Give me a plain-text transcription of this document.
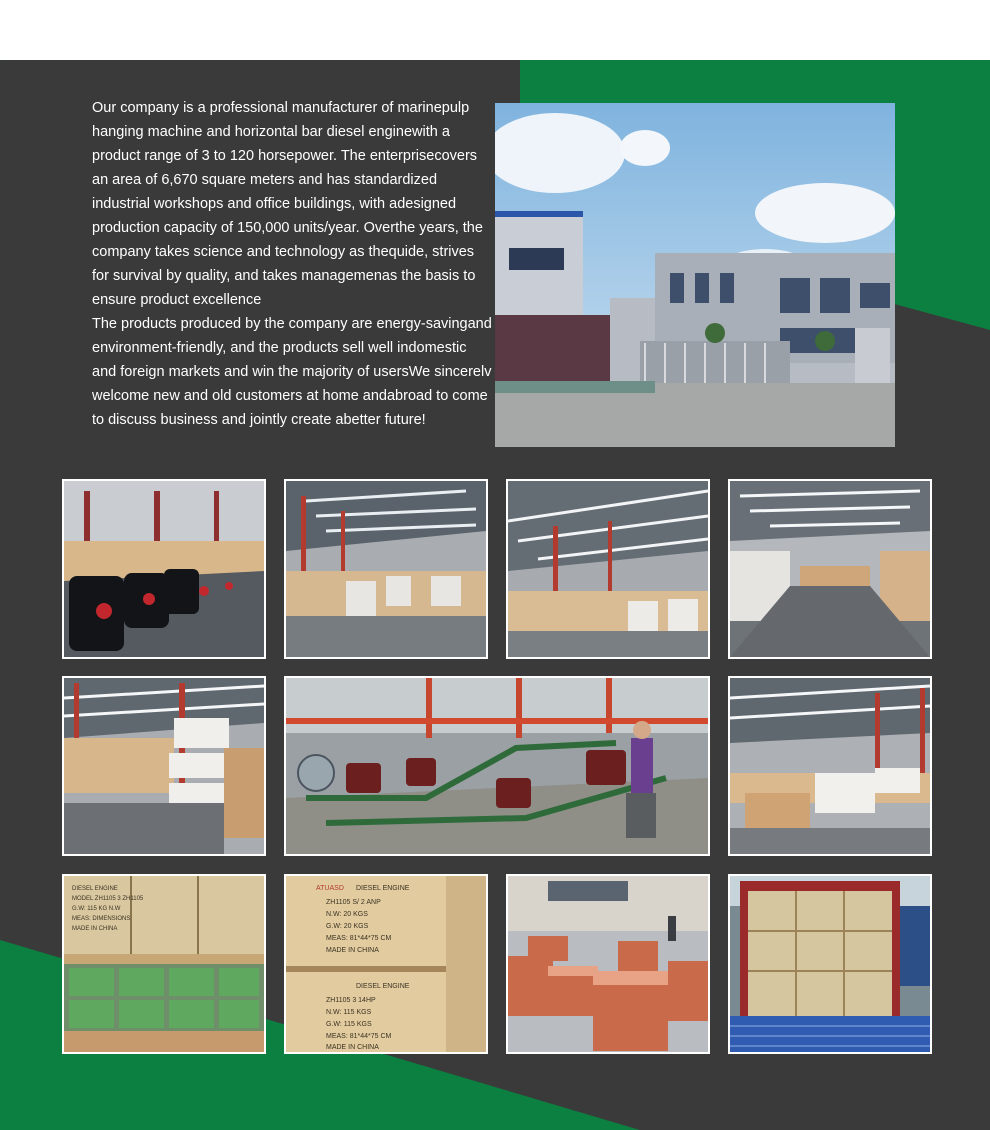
Our company is a professional manufacturer of marinepulp hanging machine and horizontal bar diesel enginewith a product range of 3 to 120 horsepower. The enterprisecovers an area of 6,670 square meters and has standardized industrial workshops and office buildings, with adesigned production capacity of 150,000 units/year. Overthe years, the company takes science and technology as thequide, strives for survival by quality, and takes managemenas the basis to ensure product excellence

The products produced by the company are energy-savingand environment-friendly, and the products sell well indomestic and foreign markets and win the majority of usersWe sincerelv welcome new and old customers at home andabroad to come to discuss business and jointly create abetter future!

DIESEL ENGINE
MODEL ZH1105 3 ZH1105
G.W: 115 KG N.W
MEAS: DIMENSIONS
MADE IN CHINA
ATUASD DIESEL ENGINE
ZH1105 S/ 2 ANP
N.W: 20 KGS
G.W: 20 KGS
MEAS: 81*44*75 CM
MADE IN CHINA
DIESEL ENGINE
ZH1105 3 14HP
N.W: 115 KGS
G.W: 115 KGS
MEAS: 81*44*75 CM
MADE IN CHINA
